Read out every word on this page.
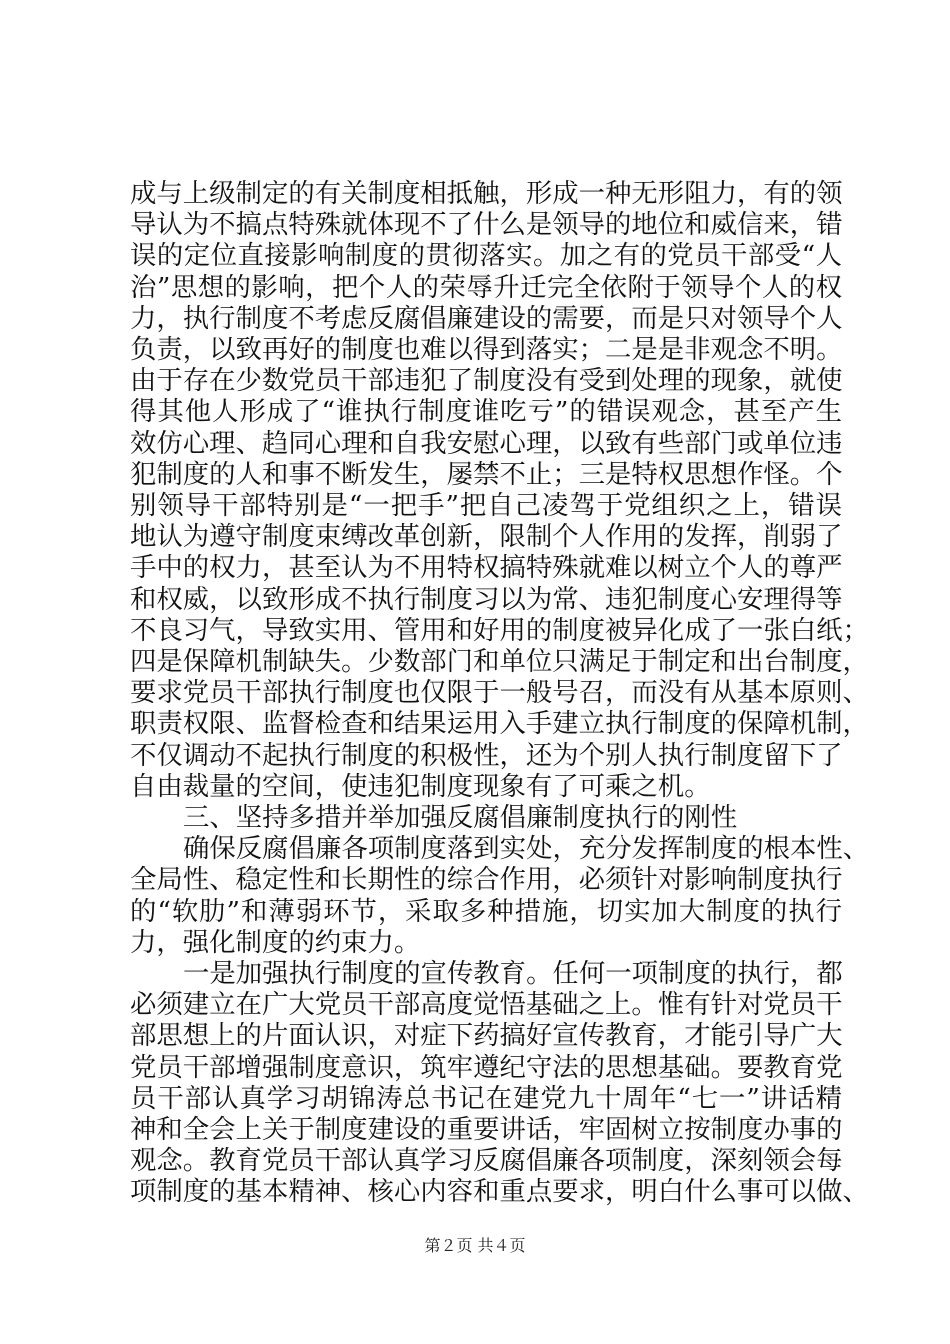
成与上级制定的有关制度相抵触，形成一种无形阻力，有的领
导认为不搞点特殊就体现不了什么是领导的地位和威信来，错
误的定位直接影响制度的贯彻落实。加之有的党员干部受“人
治”思想的影响，把个人的荣辱升迁完全依附于领导个人的权
力，执行制度不考虑反腐倡廉建设的需要，而是只对领导个人
负责，以致再好的制度也难以得到落实；二是是非观念不明。
由于存在少数党员干部违犯了制度没有受到处理的现象，就使
得其他人形成了“谁执行制度谁吃亏”的错误观念，甚至产生
效仿心理、趋同心理和自我安慰心理，以致有些部门或单位违
犯制度的人和事不断发生，屡禁不止；三是特权思想作怪。个
别领导干部特别是“一把手”把自己凌驾于党组织之上，错误
地认为遵守制度束缚改革创新，限制个人作用的发挥，削弱了
手中的权力，甚至认为不用特权搞特殊就难以树立个人的尊严
和权威，以致形成不执行制度习以为常、违犯制度心安理得等
不良习气，导致实用、管用和好用的制度被异化成了一张白纸；
四是保障机制缺失。少数部门和单位只满足于制定和出台制度，
要求党员干部执行制度也仅限于一般号召，而没有从基本原则、
职责权限、监督检查和结果运用入手建立执行制度的保障机制，
不仅调动不起执行制度的积极性，还为个别人执行制度留下了
自由裁量的空间，使违犯制度现象有了可乘之机。
三、坚持多措并举加强反腐倡廉制度执行的刚性
确保反腐倡廉各项制度落到实处，充分发挥制度的根本性、
全局性、稳定性和长期性的综合作用，必须针对影响制度执行
的“软肋”和薄弱环节，采取多种措施，切实加大制度的执行
力，强化制度的约束力。
一是加强执行制度的宣传教育。任何一项制度的执行，都
必须建立在广大党员干部高度觉悟基础之上。惟有针对党员干
部思想上的片面认识，对症下药搞好宣传教育，才能引导广大
党员干部增强制度意识，筑牢遵纪守法的思想基础。要教育党
员干部认真学习胡锦涛总书记在建党九十周年“七一”讲话精
神和全会上关于制度建设的重要讲话，牢固树立按制度办事的
观念。教育党员干部认真学习反腐倡廉各项制度，深刻领会每
项制度的基本精神、核心内容和重点要求，明白什么事可以做、
第２页 共４页
